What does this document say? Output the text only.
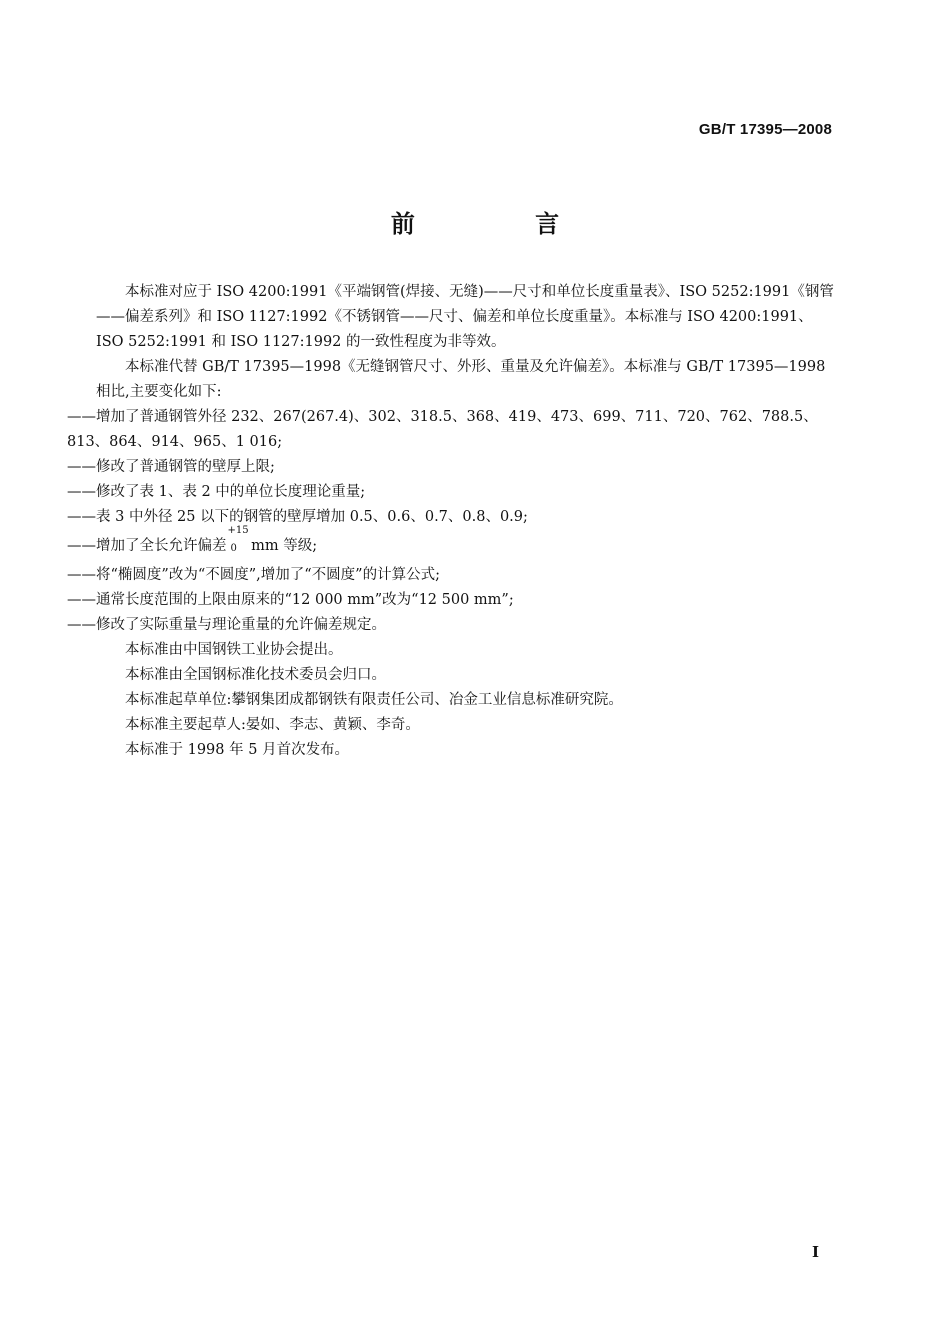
GB/T 17395—2008
前 言

本标准对应于 ISO 4200:1991《平端钢管(焊接、无缝)——尺寸和单位长度重量表》、ISO 5252:1991《钢管——偏差系列》和 ISO 1127:1992《不锈钢管——尺寸、偏差和单位长度重量》。本标准与 ISO 4200:1991、ISO 5252:1991 和 ISO 1127:1992 的一致性程度为非等效。

本标准代替 GB/T 17395—1998《无缝钢管尺寸、外形、重量及允许偏差》。本标准与 GB/T 17395—1998 相比,主要变化如下:

——增加了普通钢管外径 232、267(267.4)、302、318.5、368、419、473、699、711、720、762、788.5、813、864、914、965、1 016;

——修改了普通钢管的壁厚上限;

——修改了表 1、表 2 中的单位长度理论重量;

——表 3 中外径 25 以下的钢管的壁厚增加 0.5、0.6、0.7、0.8、0.9;

——增加了全长允许偏差
+15
0 mm 等级;

——将“椭圆度”改为“不圆度”,增加了“不圆度”的计算公式;

——通常长度范围的上限由原来的“12 000 mm”改为“12 500 mm”;

——修改了实际重量与理论重量的允许偏差规定。

本标准由中国钢铁工业协会提出。

本标准由全国钢标准化技术委员会归口。

本标准起草单位:攀钢集团成都钢铁有限责任公司、冶金工业信息标准研究院。

本标准主要起草人:晏如、李志、黄颖、李奇。

本标准于 1998 年 5 月首次发布。

I
